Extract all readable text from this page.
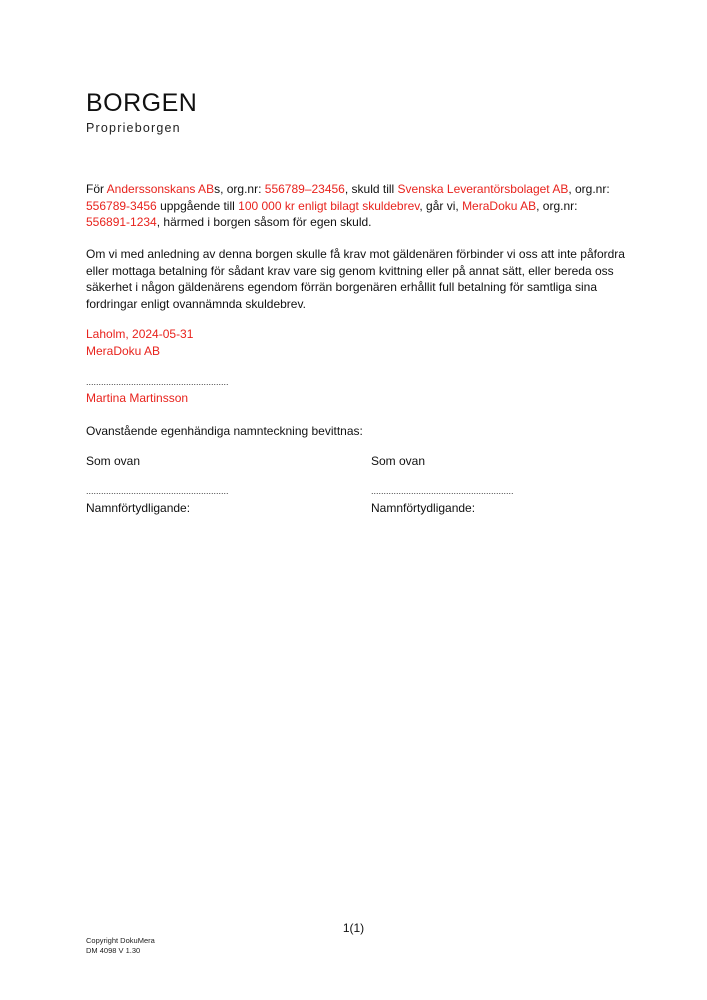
BORGEN
Proprieborgen

För Anderssonskans ABs, org.nr: 556789–23456, skuld till Svenska Leverantörsbolaget AB, org.nr:
556789-3456 uppgående till 100 000 kr enligt bilagt skuldebrev, går vi, MeraDoku AB, org.nr:
556891-1234, härmed i borgen såsom för egen skuld.

Om vi med anledning av denna borgen skulle få krav mot gäldenären förbinder vi oss att inte påfordra eller mottaga betalning för sådant krav vare sig genom kvittning eller på annat sätt, eller bereda oss säkerhet i någon gäldenärens egendom förrän borgenären erhållit full betalning för samtliga sina fordringar enligt ovannämnda skuldebrev.

Laholm, 2024-05-31
MeraDoku AB
.........................................................
Martina Martinsson
Ovanstående egenhändiga namnteckning bevittnas:
Som ovan	Som ovan
.........................................................	.........................................................
Namnförtydligande:	Namnförtydligande:
1(1)
Copyright DokuMera
DM 4098 V 1.30
